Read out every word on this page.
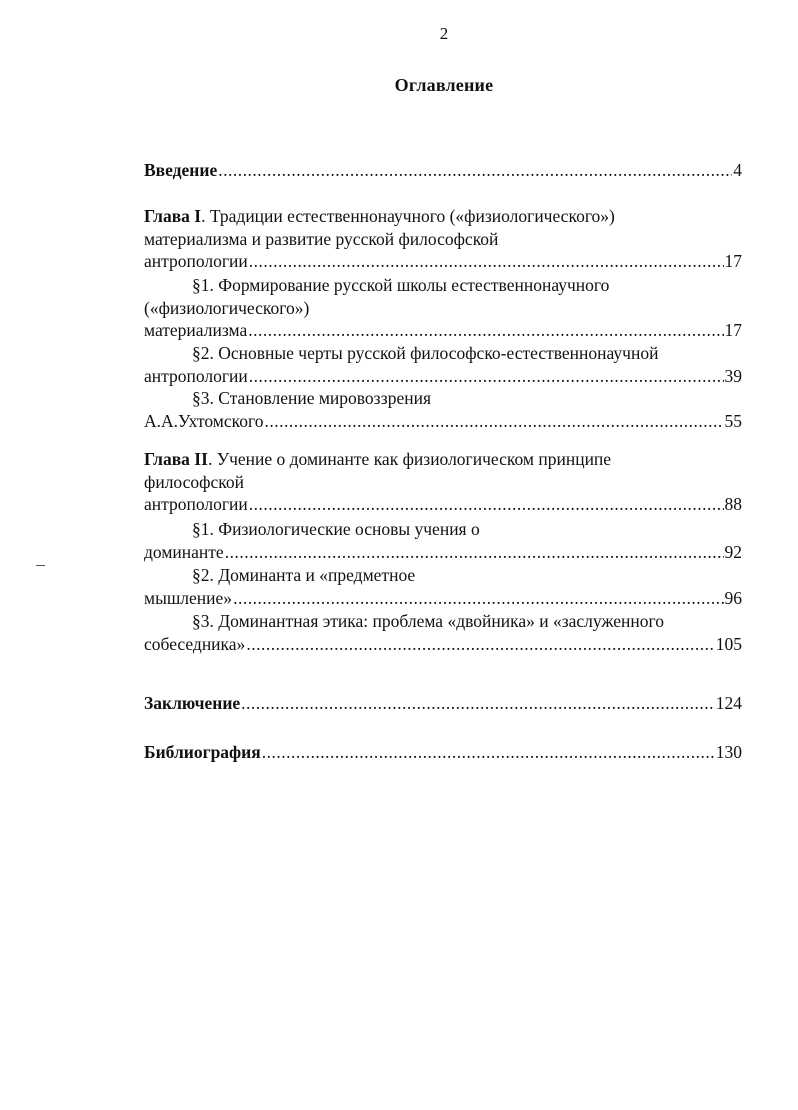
2
Оглавление
Введение .....	4
Глава I. Традиции естественнонаучного («физиологического»)
материализма и развитие русской философской
антропологии .....	17
§1. Формирование русской школы естественнонаучного
(«физиологического»)
материализма .....	17
§2. Основные черты русской философско-естественнонаучной
антропологии .....	39
§3. Становление мировоззрения
А.А.Ухтомского .....	55
Глава II. Учение о доминанте как физиологическом принципе
философской
антропологии .....	88
§1. Физиологические основы учения о
доминанте .....	92
§2. Доминанта и «предметное
мышление» .....	96
§3. Доминантная этика: проблема «двойника» и «заслуженного
собеседника» .....	105
Заключение .....	124
Библиография .....	130
